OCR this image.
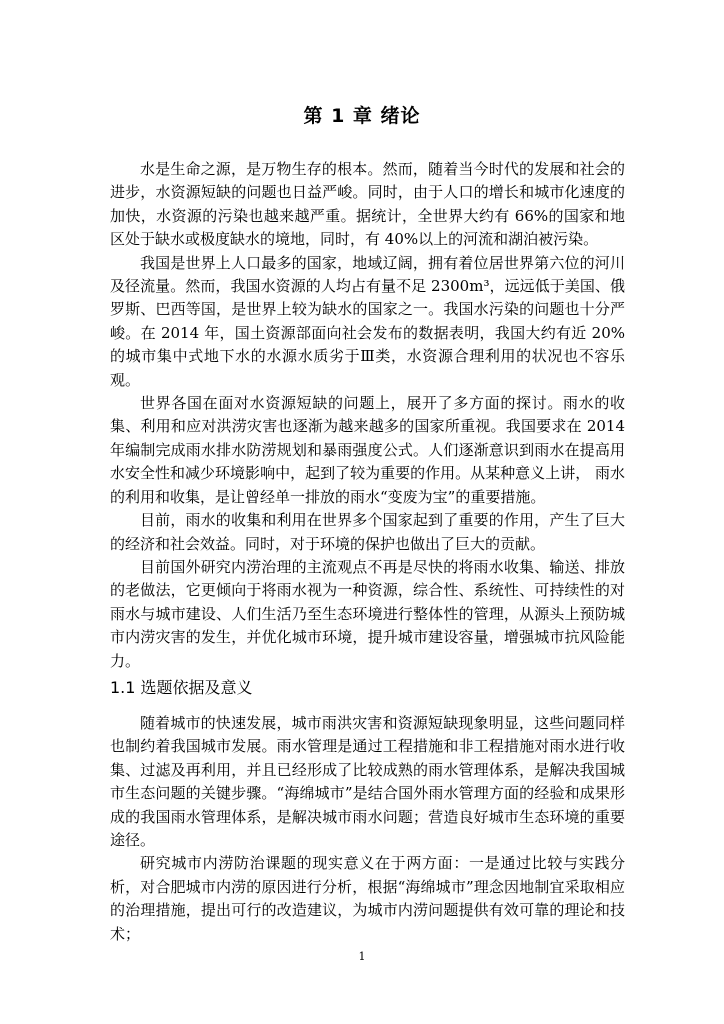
第 1 章 绪论

水是生命之源，是万物生存的根本。然而，随着当今时代的发展和社会的进步，水资源短缺的问题也日益严峻。同时，由于人口的增长和城市化速度的加快，水资源的污染也越来越严重。据统计，全世界大约有 66%的国家和地区处于缺水或极度缺水的境地，同时，有 40%以上的河流和湖泊被污染。

我国是世界上人口最多的国家，地域辽阔，拥有着位居世界第六位的河川及径流量。然而，我国水资源的人均占有量不足 2300m³，远远低于美国、俄罗斯、巴西等国，是世界上较为缺水的国家之一。我国水污染的问题也十分严峻。在 2014 年，国土资源部面向社会发布的数据表明，我国大约有近 20%的城市集中式地下水的水源水质劣于Ⅲ类，水资源合理利用的状况也不容乐观。

世界各国在面对水资源短缺的问题上，展开了多方面的探讨。雨水的收集、利用和应对洪涝灾害也逐渐为越来越多的国家所重视。我国要求在 2014 年编制完成雨水排水防涝规划和暴雨强度公式。人们逐渐意识到雨水在提高用水安全性和减少环境影响中，起到了较为重要的作用。从某种意义上讲， 雨水的利用和收集，是让曾经单一排放的雨水“变废为宝”的重要措施。

目前，雨水的收集和利用在世界多个国家起到了重要的作用，产生了巨大的经济和社会效益。同时，对于环境的保护也做出了巨大的贡献。

目前国外研究内涝治理的主流观点不再是尽快的将雨水收集、输送、排放的老做法，它更倾向于将雨水视为一种资源，综合性、系统性、可持续性的对雨水与城市建设、人们生活乃至生态环境进行整体性的管理，从源头上预防城市内涝灾害的发生，并优化城市环境，提升城市建设容量，增强城市抗风险能力。

1.1 选题依据及意义

随着城市的快速发展，城市雨洪灾害和资源短缺现象明显，这些问题同样也制约着我国城市发展。雨水管理是通过工程措施和非工程措施对雨水进行收集、过滤及再利用，并且已经形成了比较成熟的雨水管理体系，是解决我国城市生态问题的关键步骤。“海绵城市”是结合国外雨水管理方面的经验和成果形成的我国雨水管理体系，是解决城市雨水问题；营造良好城市生态环境的重要途径。

研究城市内涝防治课题的现实意义在于两方面：一是通过比较与实践分析，对合肥城市内涝的原因进行分析，根据“海绵城市”理念因地制宜采取相应的治理措施，提出可行的改造建议，为城市内涝问题提供有效可靠的理论和技术；

1
